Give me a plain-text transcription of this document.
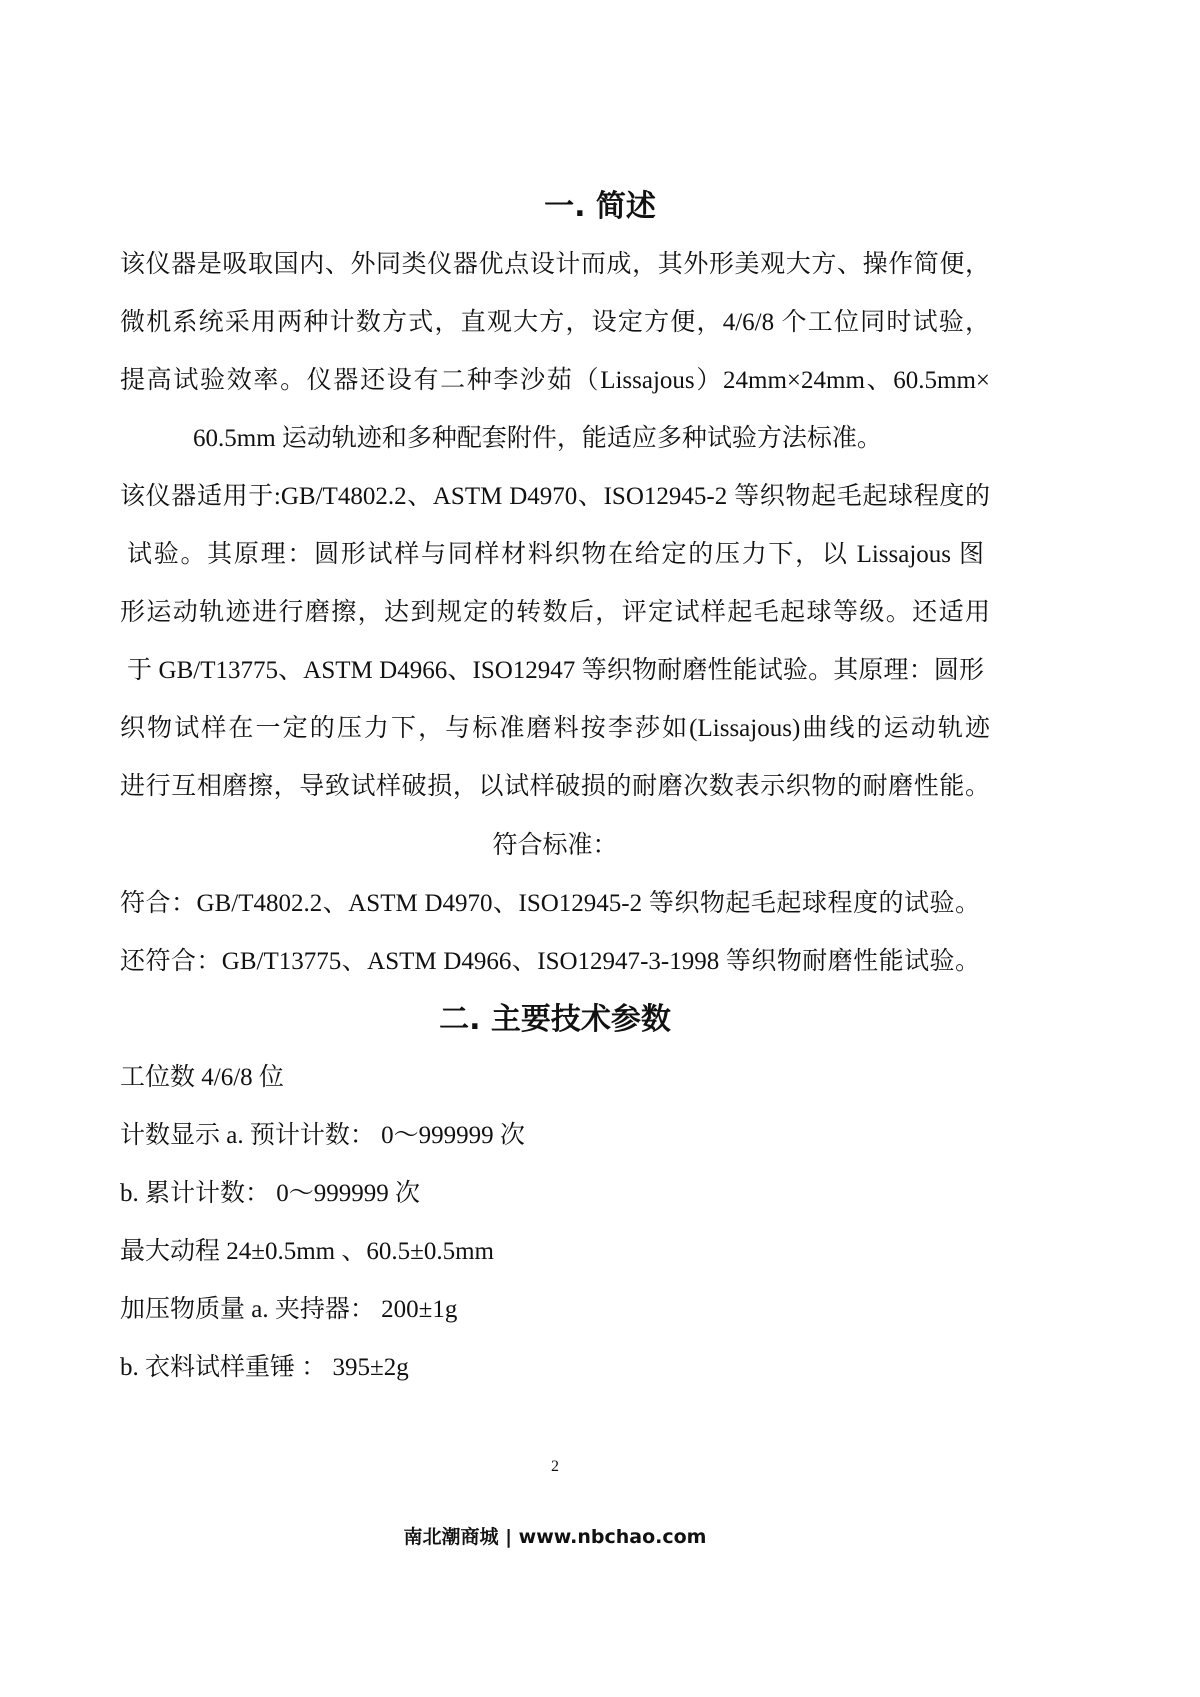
一. 简述
该仪器是吸取国内、外同类仪器优点设计而成，其外形美观大方、操作简便，
微机系统采用两种计数方式，直观大方，设定方便，4/6/8 个工位同时试验，
提高试验效率。仪器还设有二种李沙茹（Lissajous）24mm×24mm、60.5mm×
60.5mm 运动轨迹和多种配套附件，能适应多种试验方法标准。
该仪器适用于:GB/T4802.2、ASTM D4970、ISO12945-2 等织物起毛起球程度的
试验。其原理：圆形试样与同样材料织物在给定的压力下，以 Lissajous 图
形运动轨迹进行磨擦，达到规定的转数后，评定试样起毛起球等级。还适用
于 GB/T13775、ASTM D4966、ISO12947 等织物耐磨性能试验。其原理：圆形
织物试样在一定的压力下，与标准磨料按李莎如(Lissajous)曲线的运动轨迹
进行互相磨擦，导致试样破损，以试样破损的耐磨次数表示织物的耐磨性能。
符合标准：
符合：GB/T4802.2、ASTM D4970、ISO12945-2 等织物起毛起球程度的试验。
还符合：GB/T13775、ASTM D4966、ISO12947-3-1998 等织物耐磨性能试验。
二. 主要技术参数
工位数 4/6/8 位
计数显示 a. 预计计数： 0～999999 次
b. 累计计数： 0～999999 次
最大动程 24±0.5mm 、60.5±0.5mm
加压物质量 a. 夹持器： 200±1g
b. 衣料试样重锤 ： 395±2g
2
南北潮商城 | www.nbchao.com
